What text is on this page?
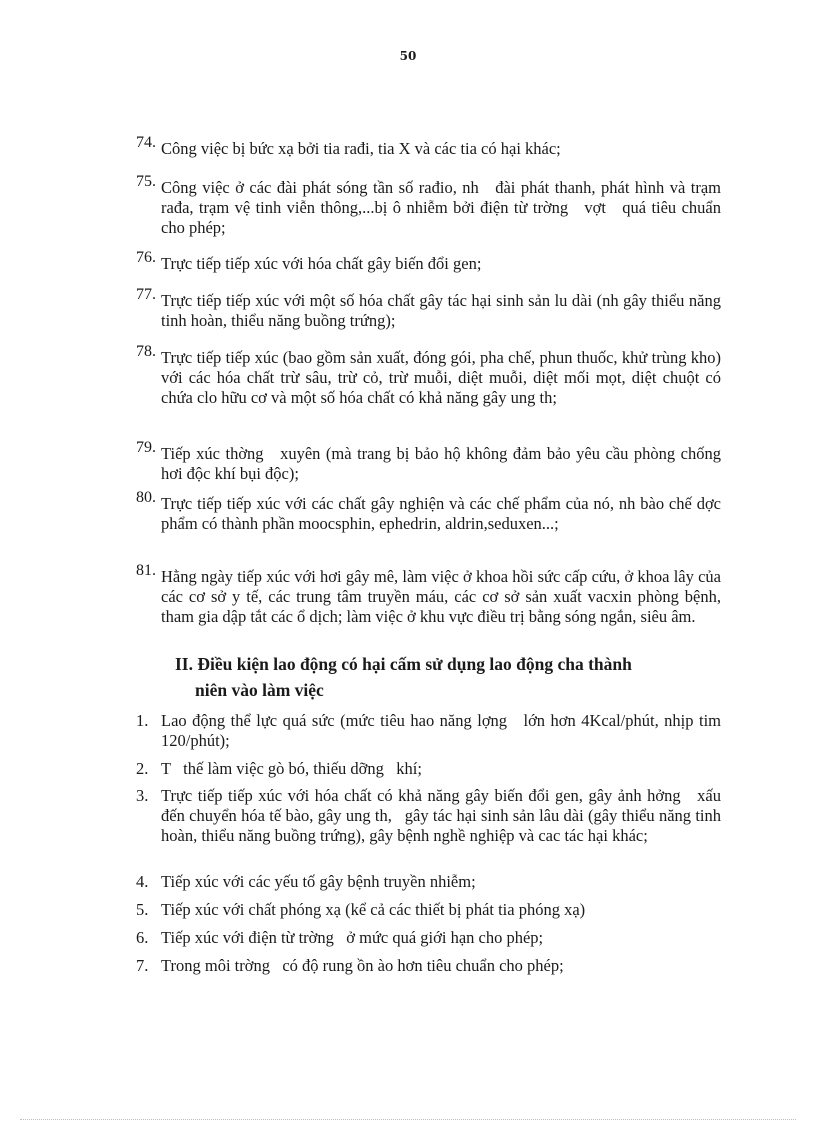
50
74. Công việc bị bức xạ bởi tia rađi, tia X và các tia có hại khác;
75. Công việc ở các đài phát sóng tần số rađio, nh   đài phát thanh, phát hình và trạm rađa, trạm vệ tinh viễn thông,...bị ô nhiễm bởi điện từ trờng   vợt   quá tiêu chuẩn cho phép;
76. Trực tiếp tiếp xúc với hóa chất gây biến đổi gen;
77. Trực tiếp tiếp xúc với một số hóa chất gây tác hại sinh sản lu dài (nh gây thiểu năng tinh hoàn, thiểu năng buồng trứng);
78. Trực tiếp tiếp xúc (bao gồm sản xuất, đóng gói, pha chế, phun thuốc, khử trùng kho) với các hóa chất trừ sâu, trừ cỏ, trừ muỗi, diệt muỗi, diệt mối mọt, diệt chuột có chứa clo hữu cơ và một số hóa chất có khả năng gây ung th;
79. Tiếp xúc thờng   xuyên (mà trang bị bảo hộ không đảm bảo yêu cầu phòng chống hơi độc khí bụi độc);
80. Trực tiếp tiếp xúc với các chất gây nghiện và các chế phẩm của nó, nh bào chế dợc phẩm có thành phần moocsphin, ephedrin, aldrin,seduxen...;
81. Hằng ngày tiếp xúc với hơi gây mê, làm việc ở khoa hồi sức cấp cứu, ở khoa lây của các cơ sở y tế, các trung tâm truyền máu, các cơ sở sản xuất vacxin phòng bệnh, tham gia dập tắt các ổ dịch; làm việc ở khu vực điều trị bằng sóng ngắn, siêu âm.
II. Điều kiện lao động có hại cấm sử dụng lao động cha thành
niên vào làm việc
1. Lao động thể lực quá sức (mức tiêu hao năng lợng   lớn hơn 4Kcal/phút, nhịp tim 120/phút);
2. T   thế làm việc gò bó, thiếu dỡng   khí;
3. Trực tiếp tiếp xúc với hóa chất có khả năng gây biến đổi gen, gây ảnh hởng   xấu đến chuyển hóa tế bào, gây ung th,   gây tác hại sinh sản lâu dài (gây thiểu năng tinh hoàn, thiểu năng buồng trứng), gây bệnh nghề nghiệp và cac tác hại khác;
4. Tiếp xúc với các yếu tố gây bệnh truyền nhiễm;
5. Tiếp xúc với chất phóng xạ (kể cả các thiết bị phát tia phóng xạ)
6. Tiếp xúc với điện từ trờng   ở mức quá giới hạn cho phép;
7. Trong môi trờng   có độ rung ồn ào hơn tiêu chuẩn cho phép;
